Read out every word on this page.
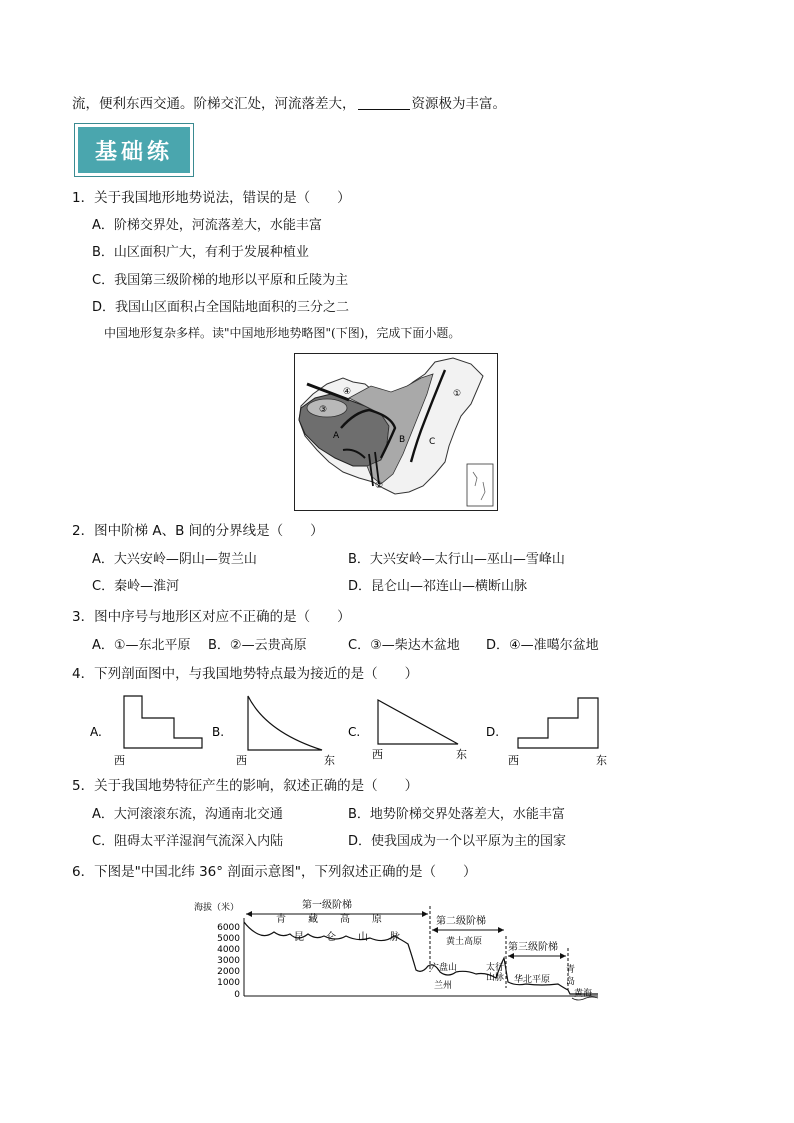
流，便利东西交通。阶梯交汇处，河流落差大，	资源极为丰富。
基础练
1．关于我国地形地势说法，错误的是（　　）
A．阶梯交界处，河流落差大，水能丰富
B．山区面积广大，有利于发展种植业
C．我国第三级阶梯的地形以平原和丘陵为主
D．我国山区面积占全国陆地面积的三分之二
中国地形复杂多样。读"中国地形地势略图"(下图)，完成下面小题。
④
③
①
A	B	C
②
2．图中阶梯 A、B 间的分界线是（　　）
A．大兴安岭—阴山—贺兰山	B．大兴安岭—太行山—巫山—雪峰山
C．秦岭—淮河	D．昆仑山—祁连山—横断山脉
3．图中序号与地形区对应不正确的是（　　）
A．①—东北平原 B．②—云贵高原	C．③—柴达木盆地 D．④—准噶尔盆地
4．下列剖面图中，与我国地势特点最为接近的是（　　）
A.
西
B.
西	东
C.
西	东
D.
西	东
5．关于我国地势特征产生的影响，叙述正确的是（　　）
A．大河滚滚东流，沟通南北交通	B．地势阶梯交界处落差大，水能丰富
C．阻碍太平洋湿润气流深入内陆	D．使我国成为一个以平原为主的国家
6．下图是"中国北纬 36° 剖面示意图"，下列叙述正确的是（　　）
海拔（米）
6000
5000
4000
3000
2000
1000
0
第一级阶梯
第二级阶梯
第三级阶梯
青 藏 高 原
昆 仑 山 脉	黄土高原
六盘山
兰州
太行
山脉 华北平原
青
岛
黄海
